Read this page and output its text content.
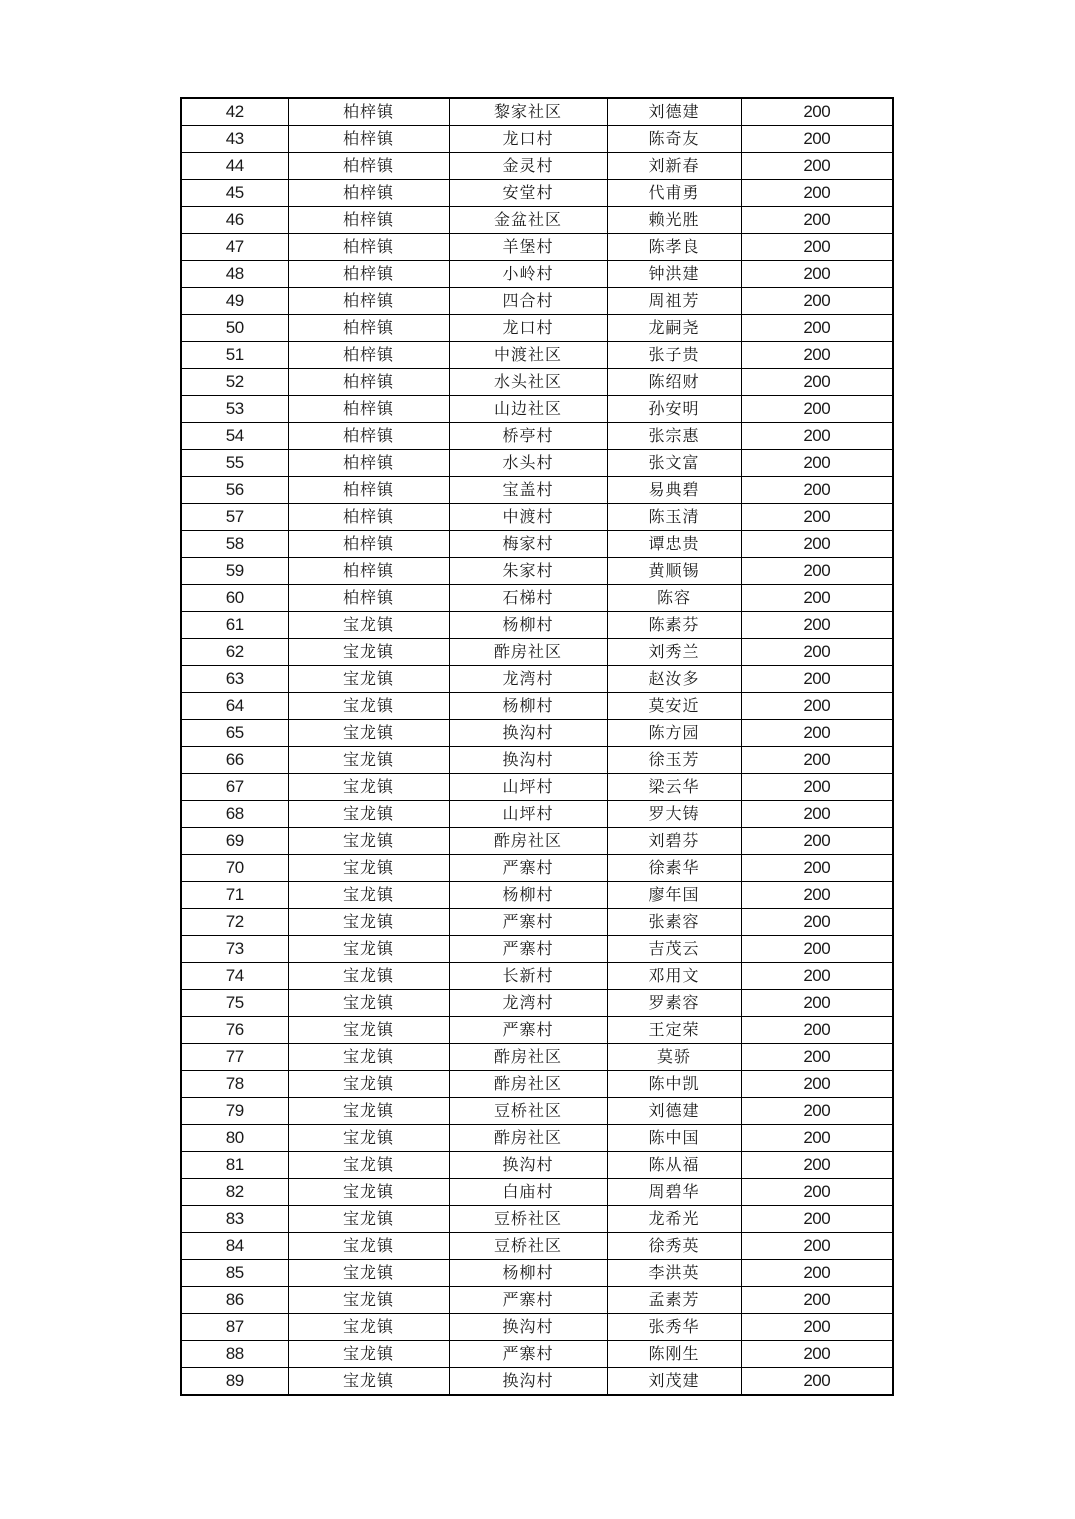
42	柏梓镇	黎家社区	刘德建	200
43	柏梓镇	龙口村	陈奇友	200
44	柏梓镇	金灵村	刘新春	200
45	柏梓镇	安堂村	代甫勇	200
46	柏梓镇	金盆社区	赖光胜	200
47	柏梓镇	羊堡村	陈孝良	200
48	柏梓镇	小岭村	钟洪建	200
49	柏梓镇	四合村	周祖芳	200
50	柏梓镇	龙口村	龙嗣尧	200
51	柏梓镇	中渡社区	张子贵	200
52	柏梓镇	水头社区	陈绍财	200
53	柏梓镇	山边社区	孙安明	200
54	柏梓镇	桥亭村	张宗惠	200
55	柏梓镇	水头村	张文富	200
56	柏梓镇	宝盖村	易典碧	200
57	柏梓镇	中渡村	陈玉清	200
58	柏梓镇	梅家村	谭忠贵	200
59	柏梓镇	朱家村	黄顺锡	200
60	柏梓镇	石梯村	陈容	200
61	宝龙镇	杨柳村	陈素芬	200
62	宝龙镇	酢房社区	刘秀兰	200
63	宝龙镇	龙湾村	赵汝多	200
64	宝龙镇	杨柳村	莫安近	200
65	宝龙镇	换沟村	陈方园	200
66	宝龙镇	换沟村	徐玉芳	200
67	宝龙镇	山坪村	梁云华	200
68	宝龙镇	山坪村	罗大铸	200
69	宝龙镇	酢房社区	刘碧芬	200
70	宝龙镇	严寨村	徐素华	200
71	宝龙镇	杨柳村	廖年国	200
72	宝龙镇	严寨村	张素容	200
73	宝龙镇	严寨村	吉茂云	200
74	宝龙镇	长新村	邓用文	200
75	宝龙镇	龙湾村	罗素容	200
76	宝龙镇	严寨村	王定荣	200
77	宝龙镇	酢房社区	莫骄	200
78	宝龙镇	酢房社区	陈中凯	200
79	宝龙镇	豆桥社区	刘德建	200
80	宝龙镇	酢房社区	陈中国	200
81	宝龙镇	换沟村	陈从福	200
82	宝龙镇	白庙村	周碧华	200
83	宝龙镇	豆桥社区	龙希光	200
84	宝龙镇	豆桥社区	徐秀英	200
85	宝龙镇	杨柳村	李洪英	200
86	宝龙镇	严寨村	孟素芳	200
87	宝龙镇	换沟村	张秀华	200
88	宝龙镇	严寨村	陈刚生	200
89	宝龙镇	换沟村	刘茂建	200
